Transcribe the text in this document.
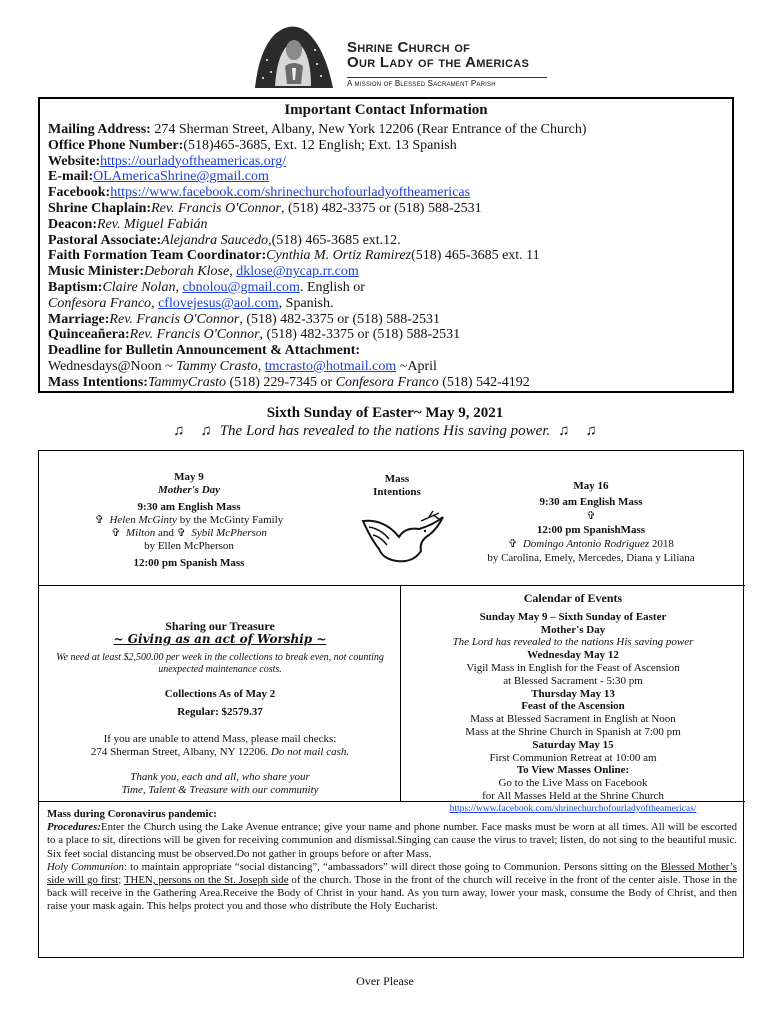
Shrine Church of
Our Lady of the Americas
A mission of Blessed Sacrament Parish
Important Contact Information
Mailing Address: 274 Sherman Street, Albany, New York 12206 (Rear Entrance of the Church)
Office Phone Number:(518)465-3685, Ext. 12 English; Ext. 13 Spanish
Website:https://ourladyoftheamericas.org/
E-mail:OLAmericaShrine@gmail.com
Facebook:https://www.facebook.com/shrinechurchofourladyoftheamericas
Shrine Chaplain:Rev. Francis O'Connor, (518) 482-3375 or (518) 588-2531
Deacon:Rev. Miguel Fabián
Pastoral Associate:Alejandra Saucedo,(518) 465-3685 ext.12.
Faith Formation Team Coordinator:Cynthia M. Ortiz Ramirez(518) 465-3685 ext. 11
Music Minister:Deborah Klose, dklose@nycap.rr.com
Baptism:Claire Nolan, cbnolou@gmail.com. English or
Confesora Franco, cflovejesus@aol.com, Spanish.
Marriage:Rev. Francis O'Connor, (518) 482-3375 or (518) 588-2531
Quinceañera:Rev. Francis O'Connor, (518) 482-3375 or (518) 588-2531
Deadline for Bulletin Announcement & Attachment:
Wednesdays@Noon ~ Tammy Crasto, tmcrasto@hotmail.com ~April
Mass Intentions:TammyCrasto (518) 229-7345 or Confesora Franco (518) 542-4192
Sixth Sunday of Easter~ May 9, 2021
♫ ♫ The Lord has revealed to the nations His saving power. ♫ ♫
May 9
Mother's Day
9:30 am English Mass
✞ Helen McGinty by the McGinty Family
✞ Milton and ✞ Sybil McPherson
by Ellen McPherson
12:00 pm Spanish Mass
Mass
Intentions	May 16
9:30 am English Mass
✞
12:00 pm SpanishMass
✞ Domingo Antonio Rodriguez 2018
by Carolina, Emely, Mercedes, Diana y Liliana
Sharing our Treasure
~ Giving as an act of Worship ~
We need at least $2,500.00 per week in the collections to break even, not counting unexpected maintenance costs.
Collections As of May 2
Regular: $2579.37
If you are unable to attend Mass, please mail checks:
274 Sherman Street, Albany, NY 12206. Do not mail cash.
Thank you, each and all, who share your
Time, Talent & Treasure with our community
Calendar of Events
Sunday May 9 – Sixth Sunday of Easter
Mother's Day
The Lord has revealed to the nations His saving power
Wednesday May 12
Vigil Mass in English for the Feast of Ascension
at Blessed Sacrament - 5:30 pm
Thursday May 13
Feast of the Ascension
Mass at Blessed Sacrament in English at Noon
Mass at the Shrine Church in Spanish at 7:00 pm
Saturday May 15
First Communion Retreat at 10:00 am
To View Masses Online:
Go to the Live Mass on Facebook
for All Masses Held at the Shrine Church
https://www.facebook.com/shrinechurchofourladyoftheamericas/
Mass during Coronavirus pandemic:
Procedures:Enter the Church using the Lake Avenue entrance; give your name and phone number. Face masks must be worn at all times. All will be escorted to a place to sit, directions will be given for receiving communion and dismissal.Singing can cause the virus to travel; listen, do not sing to the beautiful music. Six feet social distancing must be observed.Do not gather in groups before or after Mass.
Holy Communion: to maintain appropriate “social distancing”, “ambassadors” will direct those going to Communion. Persons sitting on the Blessed Mother’s side will go first; THEN, persons on the St. Joseph side of the church. Those in the front of the church will receive in the front of the center aisle. Those in the back will receive in the Gathering Area.Receive the Body of Christ in your hand. As you turn away, lower your mask, consume the Body of Christ, and then raise your mask again. This helps protect you and those who distribute the Holy Eucharist.
Over Please
